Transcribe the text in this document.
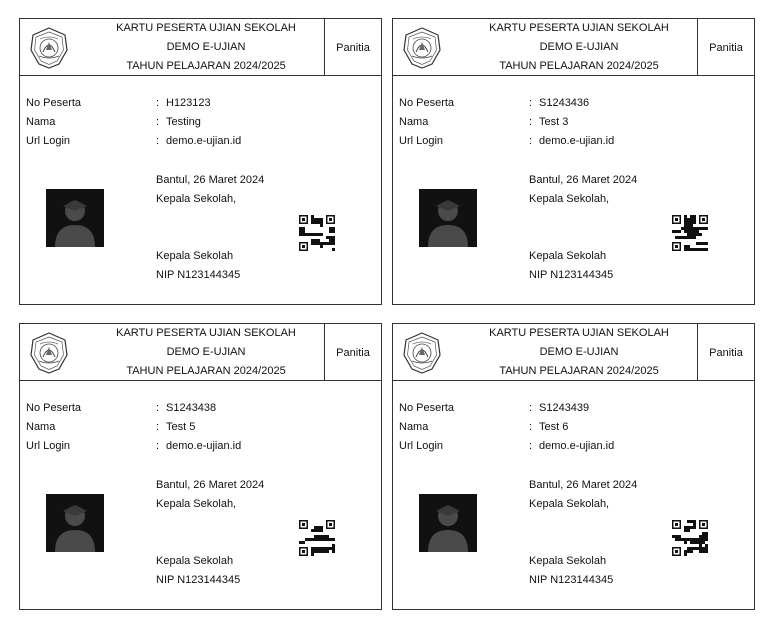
KARTU PESERTA UJIAN SEKOLAH
DEMO E-UJIAN
TAHUN PELAJARAN 2024/2025
Panitia
No Peserta	: H123123
Nama	: Testing
Url Login	: demo.e-ujian.id
Bantul, 26 Maret 2024
Kepala Sekolah,
Kepala Sekolah
NIP N123144345
KARTU PESERTA UJIAN SEKOLAH
DEMO E-UJIAN
TAHUN PELAJARAN 2024/2025
Panitia
No Peserta	: S1243436
Nama	: Test 3
Url Login	: demo.e-ujian.id
Bantul, 26 Maret 2024
Kepala Sekolah,
Kepala Sekolah
NIP N123144345
KARTU PESERTA UJIAN SEKOLAH
DEMO E-UJIAN
TAHUN PELAJARAN 2024/2025
Panitia
No Peserta	: S1243438
Nama	: Test 5
Url Login	: demo.e-ujian.id
Bantul, 26 Maret 2024
Kepala Sekolah,
Kepala Sekolah
NIP N123144345
KARTU PESERTA UJIAN SEKOLAH
DEMO E-UJIAN
TAHUN PELAJARAN 2024/2025
Panitia
No Peserta	: S1243439
Nama	: Test 6
Url Login	: demo.e-ujian.id
Bantul, 26 Maret 2024
Kepala Sekolah,
Kepala Sekolah
NIP N123144345
